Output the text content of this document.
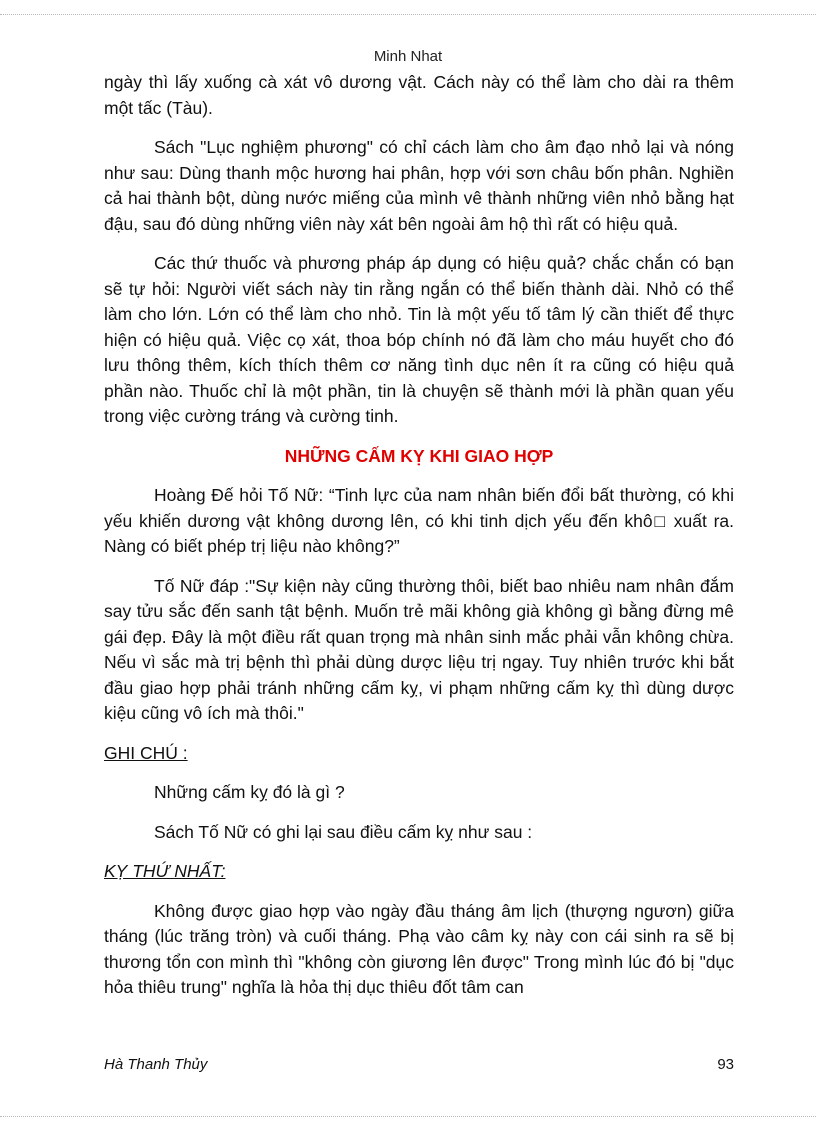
Minh Nhat

ngày thì lấy xuống cà xát vô dương vật. Cách này có thể làm cho dài ra thêm một tấc (Tàu).

Sách "Lục nghiệm phương" có chỉ cách làm cho âm đạo nhỏ lại và nóng như sau: Dùng thanh mộc hương hai phân, hợp với sơn châu bốn phân. Nghiền cả hai thành bột, dùng nước miếng của mình vê thành những viên nhỏ bằng hạt đậu, sau đó dùng những viên này xát bên ngoài âm hộ thì rất có hiệu quả.

Các thứ thuốc và phương pháp áp dụng có hiệu quả? chắc chắn có bạn sẽ tự hỏi: Người viết sách này tin rằng ngắn có thể biến thành dài. Nhỏ có thể làm cho lớn. Lớn có thể làm cho nhỏ. Tin là một yếu tố tâm lý cần thiết để thực hiện có hiệu quả. Việc cọ xát, thoa bóp chính nó đã làm cho máu huyết cho đó lưu thông thêm, kích thích thêm cơ năng tình dục nên ít ra cũng có hiệu quả phần nào. Thuốc chỉ là một phần, tin là chuyện sẽ thành mới là phần quan yếu trong việc cường tráng và cường tinh.

NHỮNG CẤM KỴ KHI GIAO HỢP

Hoàng Đế hỏi Tố Nữ: “Tinh lực của nam nhân biến đổi bất thường, có khi yếu khiến dương vật không dương lên, có khi tinh dịch yếu đến khô□ xuất ra. Nàng có biết phép trị liệu nào không?”

Tố Nữ đáp :"Sự kiện này cũng thường thôi, biết bao nhiêu nam nhân đắm say tửu sắc đến sanh tật bệnh. Muốn trẻ mãi không già không gì bằng đừng mê gái đẹp. Đây là một điều rất quan trọng mà nhân sinh mắc phải vẫn không chừa. Nếu vì sắc mà trị bệnh thì phải dùng dược liệu trị ngay. Tuy nhiên trước khi bắt đầu giao hợp phải tránh những cấm kỵ, vi phạm những cấm kỵ thì dùng dược kiệu cũng vô ích mà thôi."

GHI CHÚ :

Những cấm kỵ đó là gì ?

Sách Tố Nữ có ghi lại sau điều cấm kỵ như sau :

KỴ THỨ NHẤT:

Không được giao hợp vào ngày đầu tháng âm lịch (thượng ngươn) giữa tháng (lúc trăng tròn) và cuối tháng. Phạ vào câm kỵ này con cái sinh ra sẽ bị thương tổn con mình thì "không còn giương lên được" Trong mình lúc đó bị "dục hỏa thiêu trung" nghĩa là hỏa thị dục thiêu đốt tâm can

Hà Thanh Thủy	93
